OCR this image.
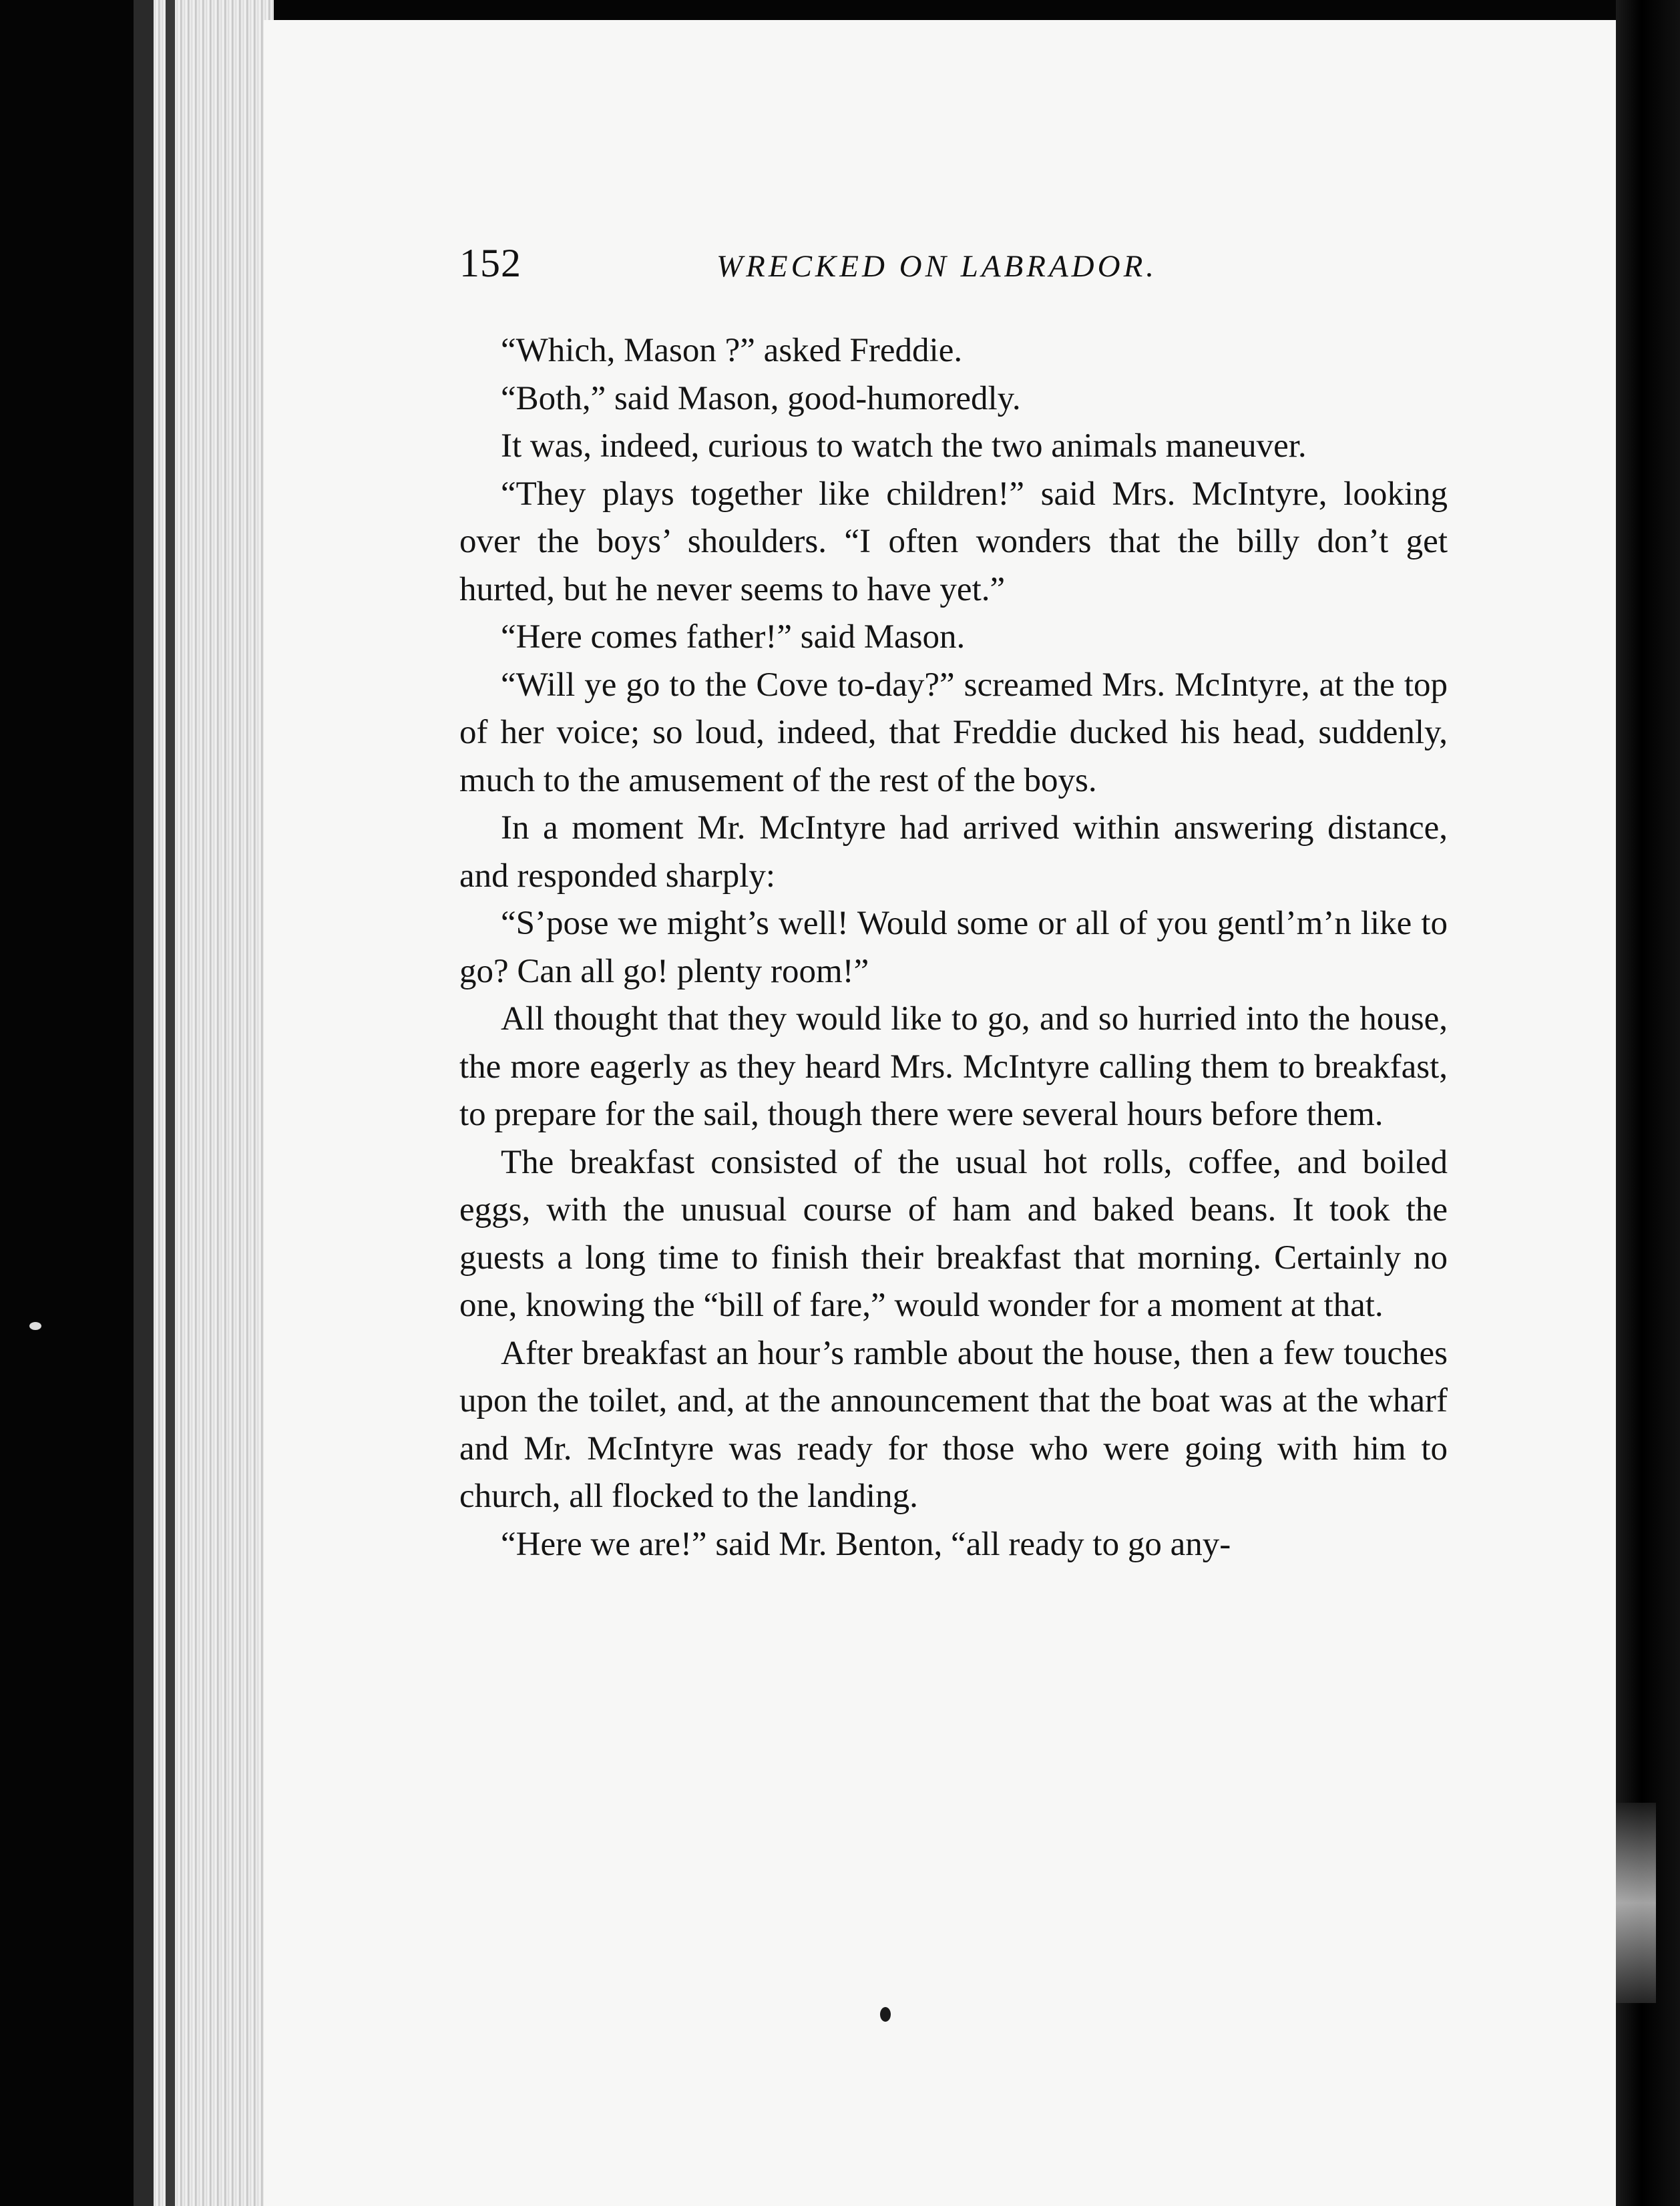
152	WRECKED ON LABRADOR.

“Which, Mason ?” asked Freddie.

“Both,” said Mason, good-humoredly.

It was, indeed, curious to watch the two animals maneuver.

“They plays together like children!” said Mrs. McIntyre, looking over the boys’ shoulders. “I often wonders that the billy don’t get hurted, but he never seems to have yet.”

“Here comes father!” said Mason.

“Will ye go to the Cove to-day?” screamed Mrs. McIntyre, at the top of her voice; so loud, indeed, that Freddie ducked his head, suddenly, much to the amusement of the rest of the boys.

In a moment Mr. McIntyre had arrived within answering distance, and responded sharply:

“S’pose we might’s well! Would some or all of you gentl’m’n like to go? Can all go! plenty room!”

All thought that they would like to go, and so hurried into the house, the more eagerly as they heard Mrs. McIntyre calling them to breakfast, to prepare for the sail, though there were several hours before them.

The breakfast consisted of the usual hot rolls, coffee, and boiled eggs, with the unusual course of ham and baked beans. It took the guests a long time to finish their breakfast that morning. Certainly no one, knowing the “bill of fare,” would wonder for a moment at that.

After breakfast an hour’s ramble about the house, then a few touches upon the toilet, and, at the announcement that the boat was at the wharf and Mr. McIntyre was ready for those who were going with him to church, all flocked to the landing.

“Here we are!” said Mr. Benton, “all ready to go any-
